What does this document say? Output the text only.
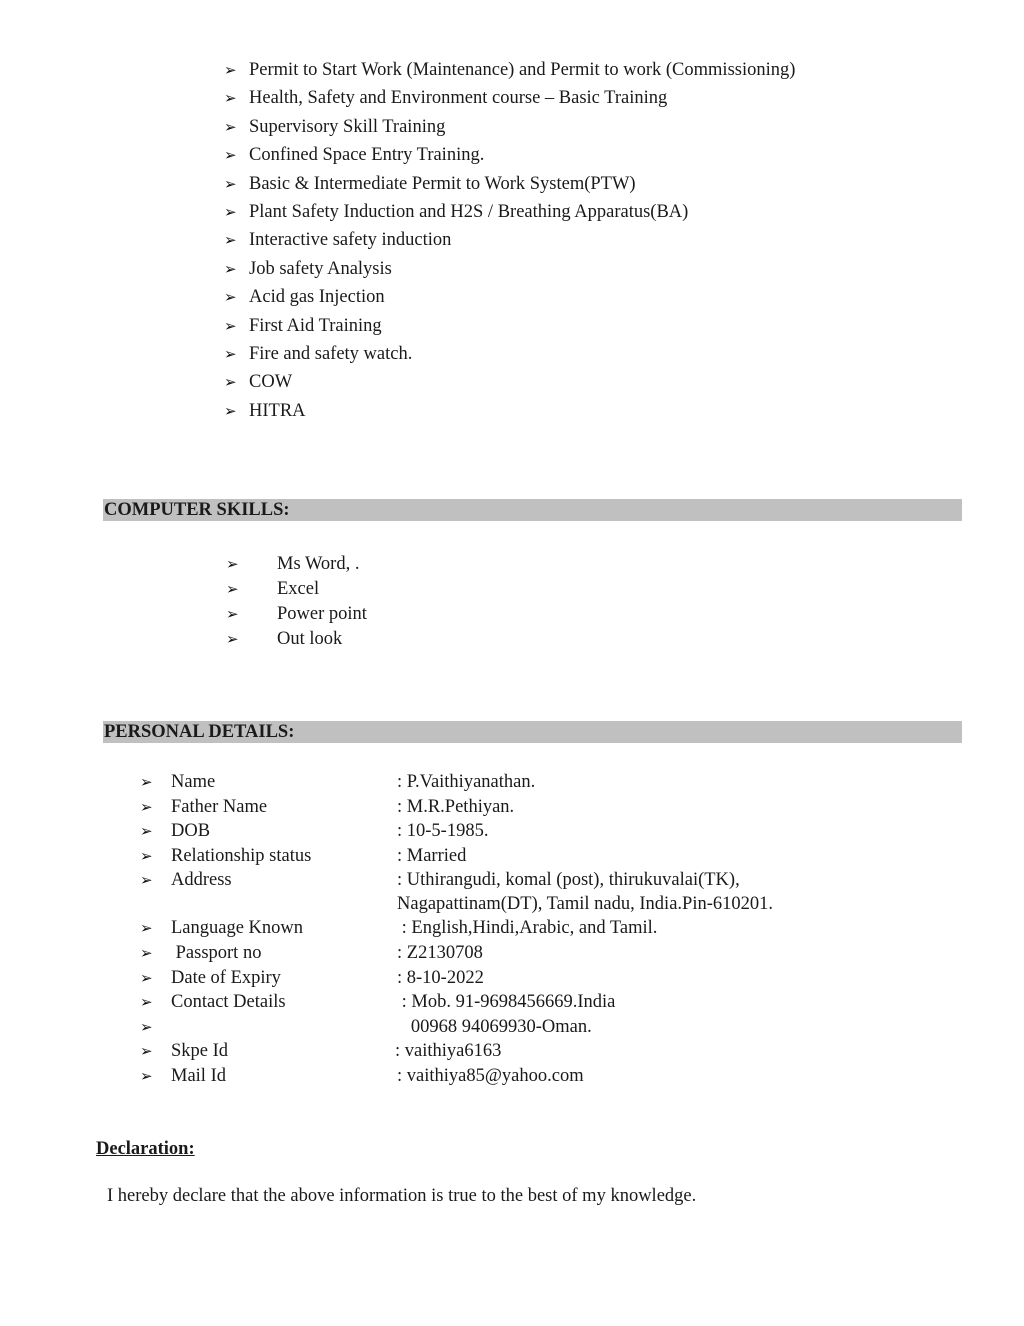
➢ Permit to Start Work (Maintenance) and Permit to work (Commissioning)
➢ Health, Safety and Environment course – Basic Training
➢ Supervisory Skill Training
➢ Confined Space Entry Training.
➢ Basic & Intermediate Permit to Work System(PTW)
➢ Plant Safety Induction and H2S / Breathing Apparatus(BA)
➢ Interactive safety induction
➢ Job safety Analysis
➢ Acid gas Injection
➢ First Aid Training
➢ Fire and safety watch.
➢ COW
➢ HITRA
COMPUTER SKILLS:
➢ Ms Word, .
➢ Excel
➢ Power point
➢ Out look
PERSONAL DETAILS:
➢ Name	: P.Vaithiyanathan.
➢ Father Name	: M.R.Pethiyan.
➢ DOB	: 10-5-1985.
➢ Relationship status	: Married
➢ Address	: Uthirangudi, komal (post), thirukuvalai(TK),
Nagapattinam(DT), Tamil nadu, India.Pin-610201.
➢ Language Known	: English,Hindi,Arabic, and Tamil.
➢ Passport no	: Z2130708
➢ Date of Expiry	: 8-10-2022
➢ Contact Details	: Mob. 91-9698456669.India
➢	00968 94069930-Oman.
➢ Skpe Id	: vaithiya6163
➢ Mail Id	: vaithiya85@yahoo.com
Declaration:
I hereby declare that the above information is true to the best of my knowledge.
